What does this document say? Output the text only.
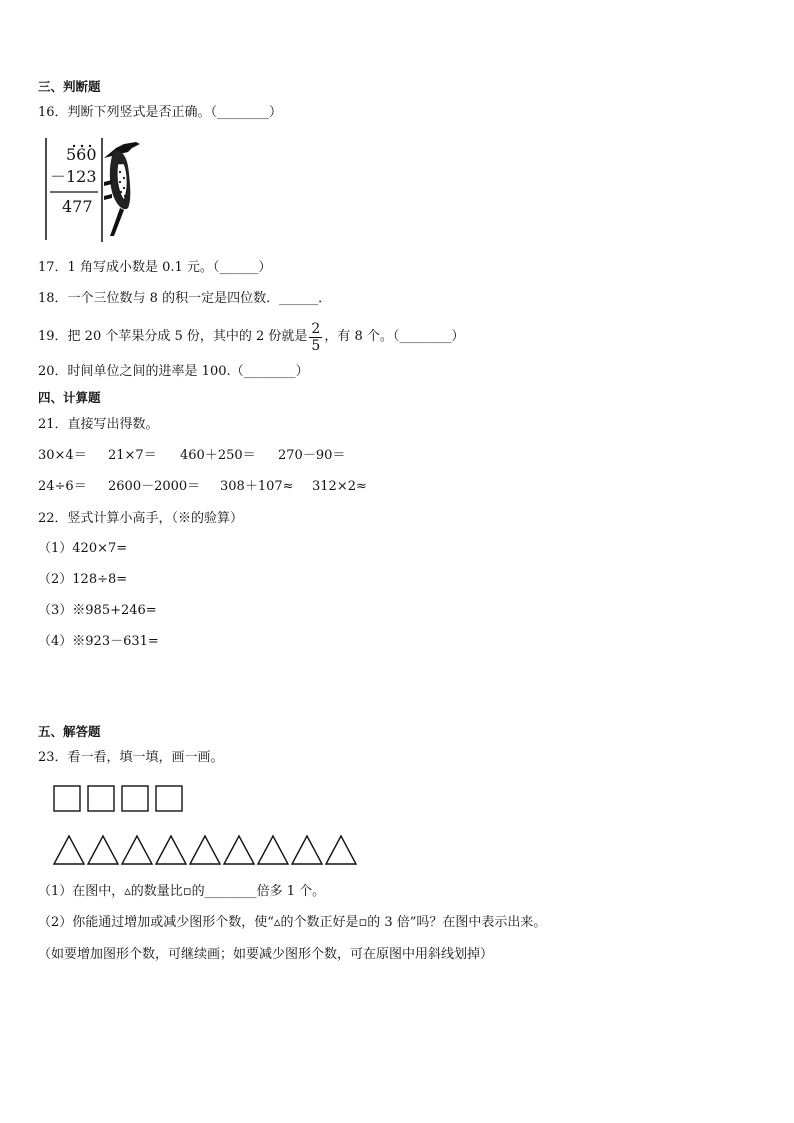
三、判断题
16．判断下列竖式是否正确。（________）
560
－123
477
17．1 角写成小数是 0.1 元。（______）
18．一个三位数与 8 的积一定是四位数．______．
19．把 20 个苹果分成 5 份，其中的 2 份就是 $\frac{2}{5}$ ，有 8 个。（________）
20．时间单位之间的进率是 100.（________）
四、计算题
21．直接写出得数。
30×4＝ 21×7＝ 460＋250＝ 270－90＝
24÷6＝ 2600－2000＝ 308＋107≈ 312×2≈
22．竖式计算小高手，（※的验算）
（1）420×7=
（2）128÷8=
（3）※985+246=
（4）※923－631=
五、解答题
23．看一看，填一填，画一画。
（1）在图中，▵的数量比▫的________倍多 1 个。
（2）你能通过增加或减少图形个数，使“▵的个数正好是▫的 3 倍”吗？在图中表示出来。
（如要增加图形个数，可继续画；如要减少图形个数，可在原图中用斜线划掉）
